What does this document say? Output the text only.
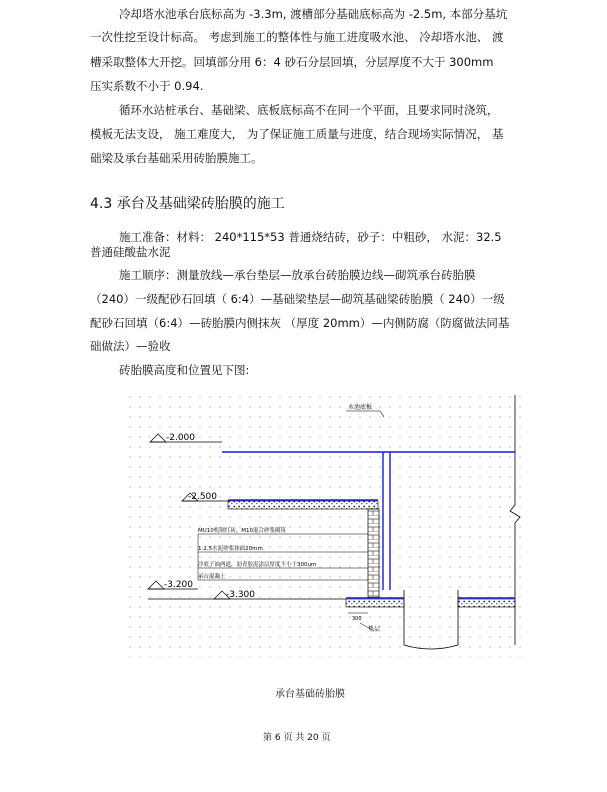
冷却塔水池承台底标高为 -3.3m, 渡槽部分基础底标高为 -2.5m, 本部分基坑
一次性挖至设计标高。 考虑到施工的整体性与施工进度吸水池、 冷却塔水池、 渡
槽采取整体大开挖。回填部分用 6：4 砂石分层回填，分层厚度不大于 300mm
压实系数不小于 0.94.
循环水站桩承台、基础梁、底板底标高不在同一个平面，且要求同时浇筑，
模板无法支设， 施工难度大， 为了保证施工质量与进度，结合现场实际情况， 基
础梁及承台基础采用砖胎膜施工。
4.3 承台及基础梁砖胎膜的施工
施工准备：材料： 240*115*53 普通烧结砖，砂子：中粗砂， 水泥：32.5
普通硅酸盐水泥
施工顺序：测量放线—承台垫层—放承台砖胎膜边线—砌筑承台砖胎膜
（240）一级配砂石回填（ 6:4）—基础梁垫层—砌筑基础梁砖胎膜（ 240）一级
配砂石回填（6:4）—砖胎膜内侧抹灰 （厚度 20mm）—内侧防腐（防腐做法同基
础做法）—验收
砖胎膜高度和位置见下图:
水池底板
-2.000
-2.500
MU10机制红砖，M10混合砂浆砌筑
1:2.5水泥砂浆抹面20mm
冷底子油两道，沥青胶泥涂层厚度不小于300um
承台混凝土
-3.200
-3.300
300
垫层
承台基础砖胎膜
第 6 页 共 20 页
